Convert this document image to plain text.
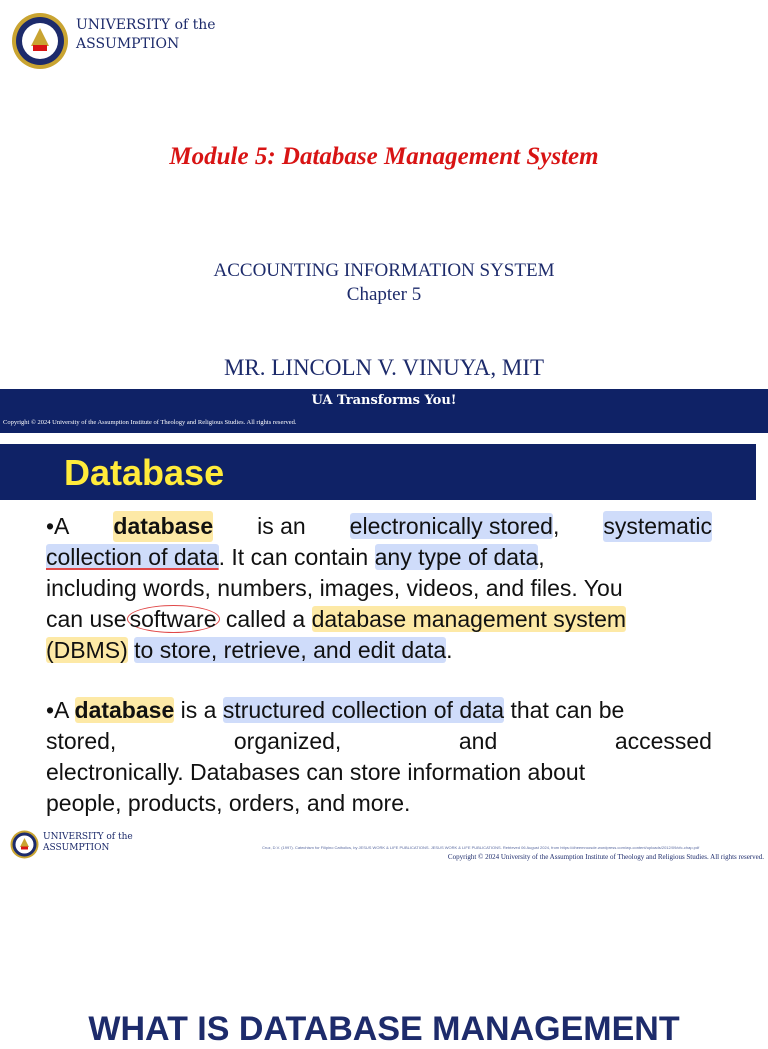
UNIVERSITY of the
ASSUMPTION
Module 5: Database Management System
ACCOUNTING INFORMATION SYSTEM
Chapter 5
MR. LINCOLN V. VINUYA, MIT
UA Transforms You!
Copyright © 2024 University of the Assumption Institute of Theology and Religious Studies. All rights reserved.
Database
•A database is an electronically stored, systematic
collection of data. It can contain any type of data,
including words, numbers, images, videos, and files. You
can use software called a database management system
(DBMS) to store, retrieve, and edit data.
•A database is a structured collection of data that can be
stored,	organized,	and	accessed
electronically. Databases can store information about
people, products, orders, and more.
UNIVERSITY of the
ASSUMPTION	Cruz, D.V. (1997). Catechism for Filipino Catholics, by JESUS WORK & LIFE PUBLICATIONS. JESUS WORK & LIFE PUBLICATIONS. Retrieved 06 August 2024, from https://dheemroosde.wordpress.com/wp-content/uploads/2012/09/cfc-chap.pdf
Copyright © 2024 University of the Assumption Institute of Theology and Religious Studies. All rights reserved.
WHAT IS DATABASE MANAGEMENT
